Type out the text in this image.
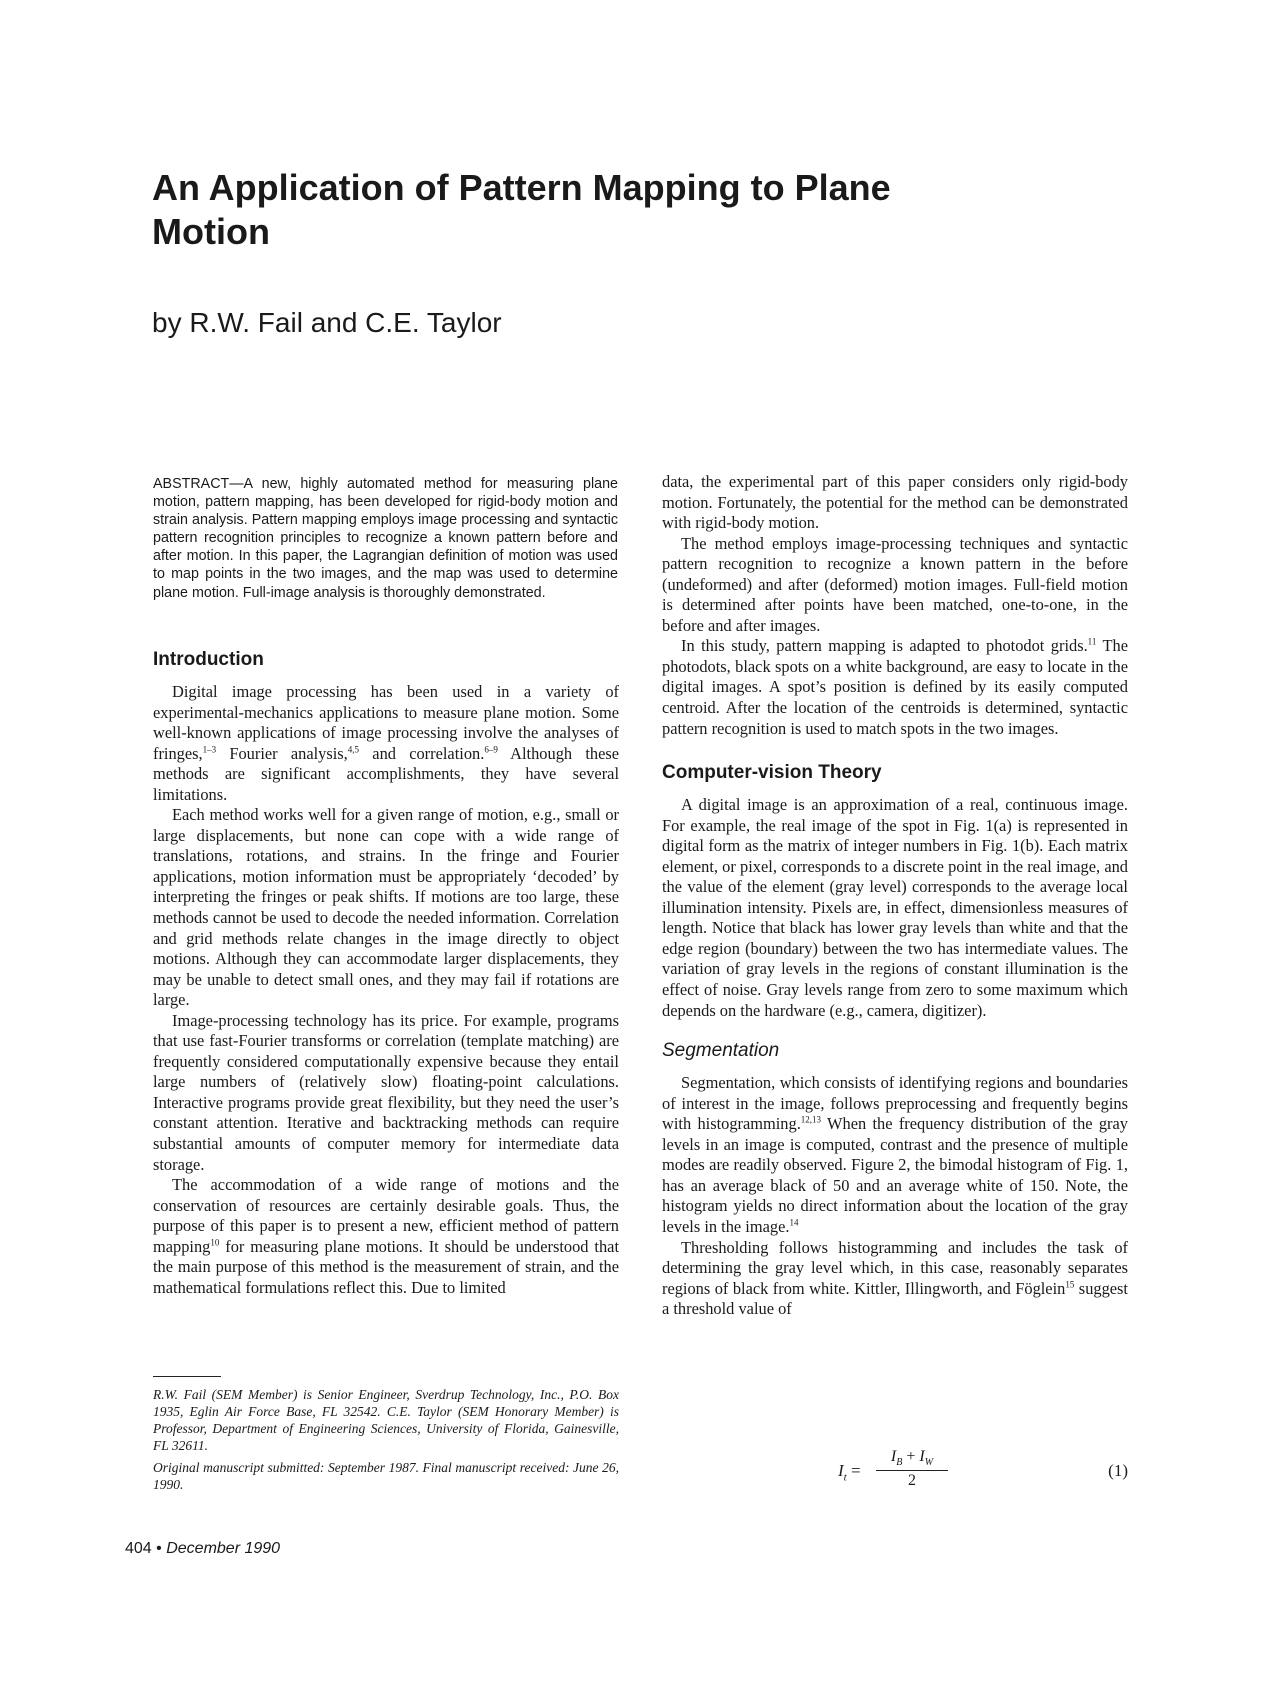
An Application of Pattern Mapping to Plane Motion
by R.W. Fail and C.E. Taylor

ABSTRACT—A new, highly automated method for measuring plane motion, pattern mapping, has been developed for rigid-body motion and strain analysis. Pattern mapping employs image processing and syntactic pattern recognition principles to recognize a known pattern before and after motion. In this paper, the Lagrangian definition of motion was used to map points in the two images, and the map was used to determine plane motion. Full-image analysis is thoroughly demonstrated.

Introduction

Digital image processing has been used in a variety of experimental-mechanics applications to measure plane motion. Some well-known applications of image processing involve the analyses of fringes,$^{1-3}$ Fourier analysis,$^{4,5}$ and correlation.$^{6-9}$ Although these methods are significant accomplishments, they have several limitations.

Each method works well for a given range of motion, e.g., small or large displacements, but none can cope with a wide range of translations, rotations, and strains. In the fringe and Fourier applications, motion information must be appropriately ‘decoded’ by interpreting the fringes or peak shifts. If motions are too large, these methods cannot be used to decode the needed information. Correlation and grid methods relate changes in the image directly to object motions. Although they can accommodate larger displacements, they may be unable to detect small ones, and they may fail if rotations are large.

Image-processing technology has its price. For example, programs that use fast-Fourier transforms or correlation (template matching) are frequently considered computationally expensive because they entail large numbers of (relatively slow) floating-point calculations. Interactive programs provide great flexibility, but they need the user’s constant attention. Iterative and backtracking methods can require substantial amounts of computer memory for intermediate data storage.

The accommodation of a wide range of motions and the conservation of resources are certainly desirable goals. Thus, the purpose of this paper is to present a new, efficient method of pattern mapping$^{10}$ for measuring plane motions. It should be understood that the main purpose of this method is the measurement of strain, and the mathematical formulations reflect this. Due to limited

R.W. Fail (SEM Member) is Senior Engineer, Sverdrup Technology, Inc., P.O. Box 1935, Eglin Air Force Base, FL 32542. C.E. Taylor (SEM Honorary Member) is Professor, Department of Engineering Sciences, University of Florida, Gainesville, FL 32611.

Original manuscript submitted: September 1987. Final manuscript received: June 26, 1990.

data, the experimental part of this paper considers only rigid-body motion. Fortunately, the potential for the method can be demonstrated with rigid-body motion.

The method employs image-processing techniques and syntactic pattern recognition to recognize a known pattern in the before (undeformed) and after (deformed) motion images. Full-field motion is determined after points have been matched, one-to-one, in the before and after images.

In this study, pattern mapping is adapted to photodot grids.$^{11}$ The photodots, black spots on a white background, are easy to locate in the digital images. A spot’s position is defined by its easily computed centroid. After the location of the centroids is determined, syntactic pattern recognition is used to match spots in the two images.

Computer-vision Theory

A digital image is an approximation of a real, continuous image. For example, the real image of the spot in Fig. 1(a) is represented in digital form as the matrix of integer numbers in Fig. 1(b). Each matrix element, or pixel, corresponds to a discrete point in the real image, and the value of the element (gray level) corresponds to the average local illumination intensity. Pixels are, in effect, dimensionless measures of length. Notice that black has lower gray levels than white and that the edge region (boundary) between the two has intermediate values. The variation of gray levels in the regions of constant illumination is the effect of noise. Gray levels range from zero to some maximum which depends on the hardware (e.g., camera, digitizer).

Segmentation

Segmentation, which consists of identifying regions and boundaries of interest in the image, follows preprocessing and frequently begins with histogramming.$^{12,13}$ When the frequency distribution of the gray levels in an image is computed, contrast and the presence of multiple modes are readily observed. Figure 2, the bimodal histogram of Fig. 1, has an average black of 50 and an average white of 150. Note, the histogram yields no direct information about the location of the gray levels in the image.$^{14}$

Thresholding follows histogramming and includes the task of determining the gray level which, in this case, reasonably separates regions of black from white. Kittler, Illingworth, and Föglein$^{15}$ suggest a threshold value of

$I_t = \frac{I_B + I_W}{2}$	(1)

404 • December 1990
